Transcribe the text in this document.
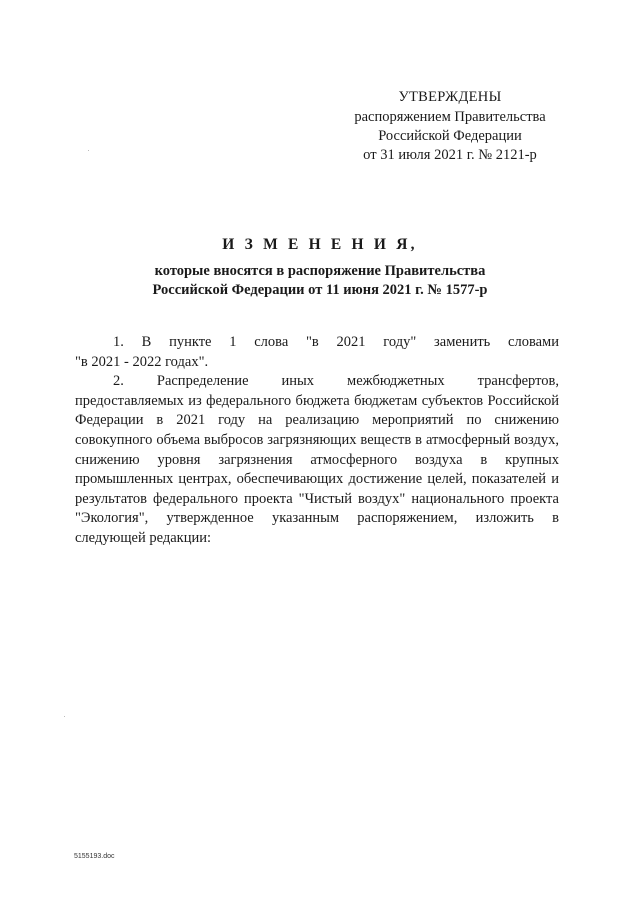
УТВЕРЖДЕНЫ
распоряжением Правительства
Российской Федерации
от 31 июля 2021 г. № 2121-р
И З М Е Н Е Н И Я,
которые вносятся в распоряжение Правительства
Российской Федерации от 11 июня 2021 г. № 1577-р
1. В пункте 1 слова "в 2021 году" заменить словами
"в 2021 - 2022 годах".
2. Распределение иных межбюджетных трансфертов,
предоставляемых из федерального бюджета бюджетам субъектов Российской Федерации в 2021 году на реализацию мероприятий по снижению совокупного объема выбросов загрязняющих веществ в атмосферный воздух, снижению уровня загрязнения атмосферного воздуха в крупных промышленных центрах, обеспечивающих достижение целей, показателей и результатов федерального проекта "Чистый воздух" национального проекта "Экология", утвержденное указанным распоряжением, изложить в следующей редакции:
5155193.doc
